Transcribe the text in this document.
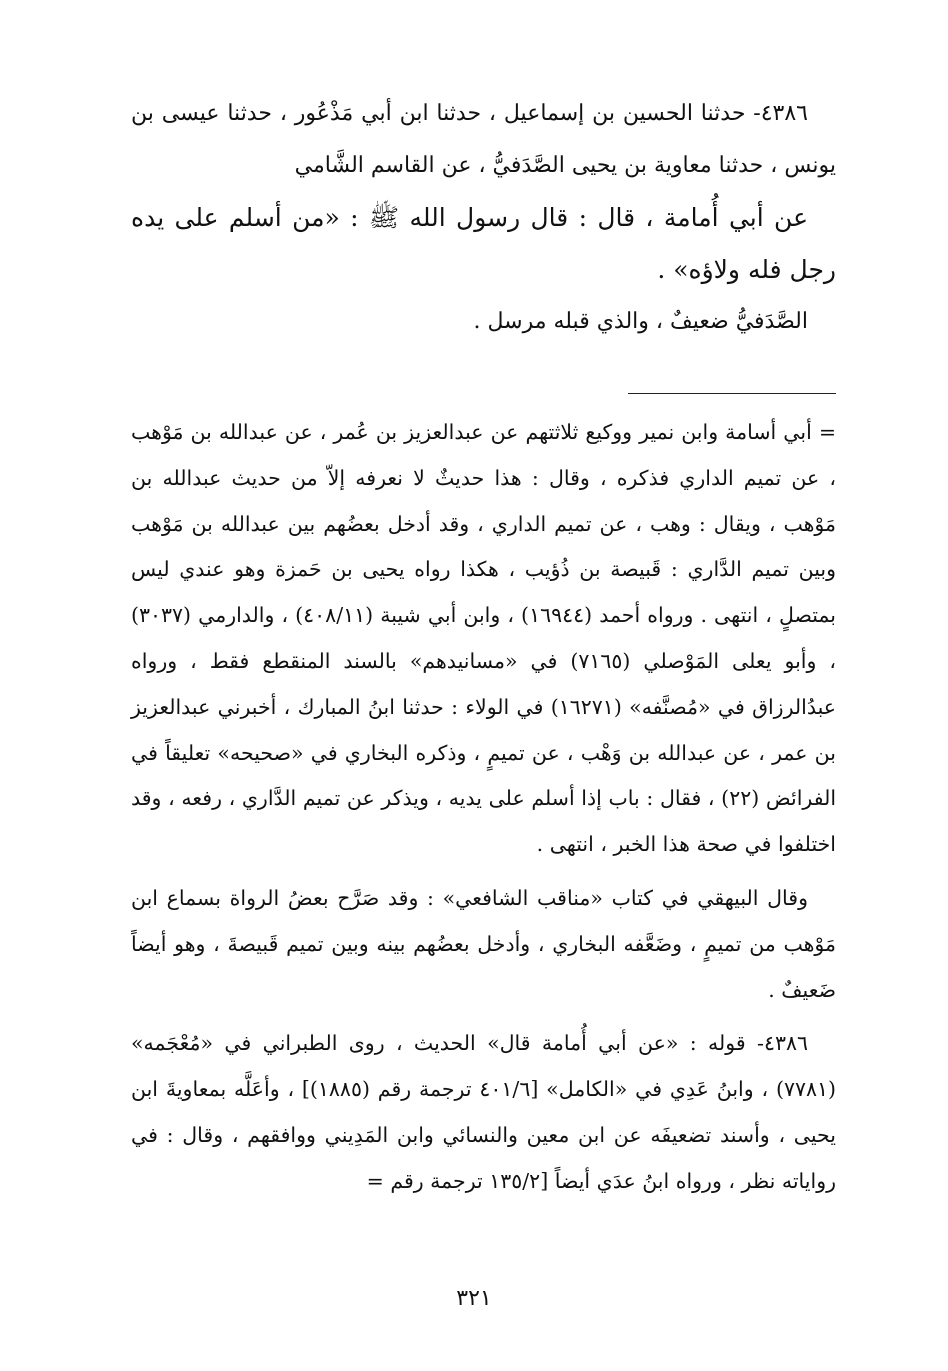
٤٣٨٦- حدثنا الحسين بن إسماعيل ، حدثنا ابن أبي مَذْعُور ، حدثنا عيسى بن يونس ، حدثنا معاوية بن يحيى الصَّدَفيُّ ، عن القاسم الشَّامي

عن أبي أُمامة ، قال : قال رسول الله ﷺ : «من أسلم على يده رجل فله ولاؤه» .

الصَّدَفيُّ ضعيفٌ ، والذي قبله مرسل .

= أبي أسامة وابن نمير ووكيع ثلاثتهم عن عبدالعزيز بن عُمر ، عن عبدالله بن مَوْهب ، عن تميم الداري فذكره ، وقال : هذا حديثٌ لا نعرفه إلاّ من حديث عبدالله بن مَوْهب ، ويقال : وهب ، عن تميم الداري ، وقد أدخل بعضُهم بين عبدالله بن مَوْهب وبين تميم الدَّاري : قَبيصة بن ذُؤيب ، هكذا رواه يحيى بن حَمزة وهو عندي ليس بمتصلٍ ، انتهى . ورواه أحمد (١٦٩٤٤) ، وابن أبي شيبة (٤٠٨/١١) ، والدارمي (٣٠٣٧) ، وأبو يعلى المَوْصلي (٧١٦٥) في «مسانيدهم» بالسند المنقطع فقط ، ورواه عبدُالرزاق في «مُصنَّفه» (١٦٢٧١) في الولاء : حدثنا ابنُ المبارك ، أخبرني عبدالعزيز بن عمر ، عن عبدالله بن وَهْب ، عن تميمٍ ، وذكره البخاري في «صحيحه» تعليقاً في الفرائض (٢٢) ، فقال : باب إذا أسلم على يديه ، ويذكر عن تميم الدَّاري ، رفعه ، وقد اختلفوا في صحة هذا الخبر ، انتهى .

وقال البيهقي في كتاب «مناقب الشافعي» : وقد صَرَّح بعضُ الرواة بسماع ابن مَوْهب من تميمٍ ، وضَعَّفه البخاري ، وأدخل بعضُهم بينه وبين تميم قَبيصةَ ، وهو أيضاً ضَعيفٌ .

٤٣٨٦- قوله : «عن أبي أُمامة قال» الحديث ، روى الطبراني في «مُعْجَمه» (٧٧٨١) ، وابنُ عَدِي في «الكامل» [٤٠١/٦ ترجمة رقم (١٨٨٥)] ، وأعَلَّه بمعاويةَ ابن يحيى ، وأسند تضعيفَه عن ابن معين والنسائي وابن المَدِيني ووافقهم ، وقال : في رواياته نظر ، ورواه ابنُ عدَي أيضاً [١٣٥/٢ ترجمة رقم =

٣٢١
